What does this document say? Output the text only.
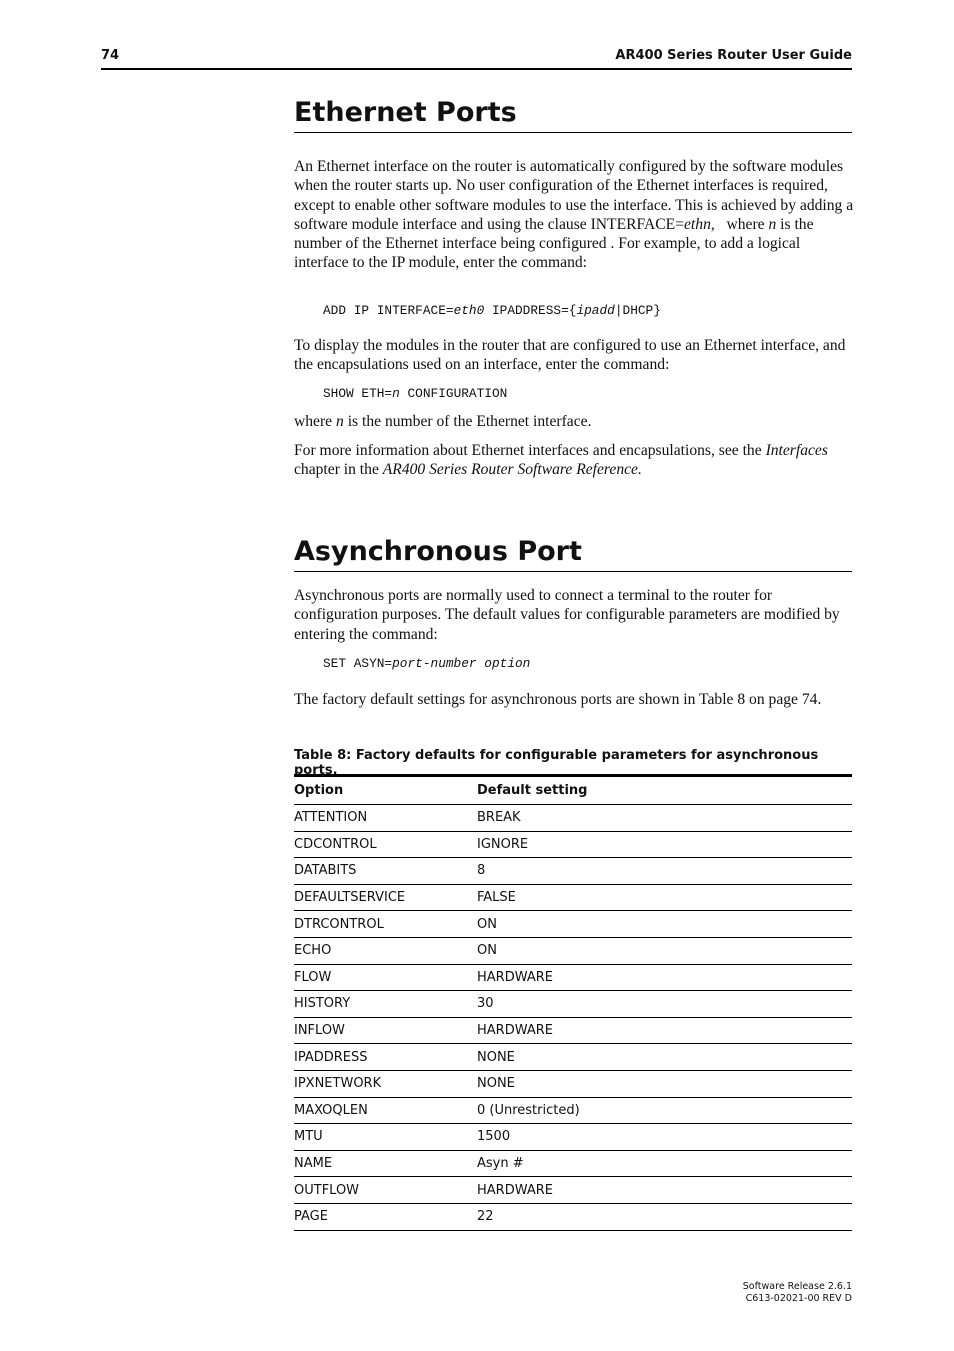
74	AR400 Series Router User Guide
Ethernet Ports

An Ethernet interface on the router is automatically configured by the software modules when the router starts up. No user configuration of the Ethernet interfaces is required, except to enable other software modules to use the interface. This is achieved by adding a software module interface and using the clause INTERFACE=ethn,   where n is the number of the Ethernet interface being configured . For example, to add a logical interface to the IP module, enter the command:

ADD IP INTERFACE=eth0 IPADDRESS={ipadd|DHCP}

To display the modules in the router that are configured to use an Ethernet interface, and the encapsulations used on an interface, enter the command:

SHOW ETH=n CONFIGURATION

where n is the number of the Ethernet interface.

For more information about Ethernet interfaces and encapsulations, see the Interfaces chapter in the AR400 Series Router Software Reference.

Asynchronous Port

Asynchronous ports are normally used to connect a terminal to the router for configuration purposes. The default values for configurable parameters are modified by entering the command:

SET ASYN=port-number option

The factory default settings for asynchronous ports are shown in Table 8 on page 74.

Table 8: Factory defaults for configurable parameters for asynchronous ports.
Option	Default setting
ATTENTION	BREAK
CDCONTROL	IGNORE
DATABITS	8
DEFAULTSERVICE	FALSE
DTRCONTROL	ON
ECHO	ON
FLOW	HARDWARE
HISTORY	30
INFLOW	HARDWARE
IPADDRESS	NONE
IPXNETWORK	NONE
MAXOQLEN	0 (Unrestricted)
MTU	1500
NAME	Asyn #
OUTFLOW	HARDWARE
PAGE	22
Software Release 2.6.1
C613-02021-00 REV D
